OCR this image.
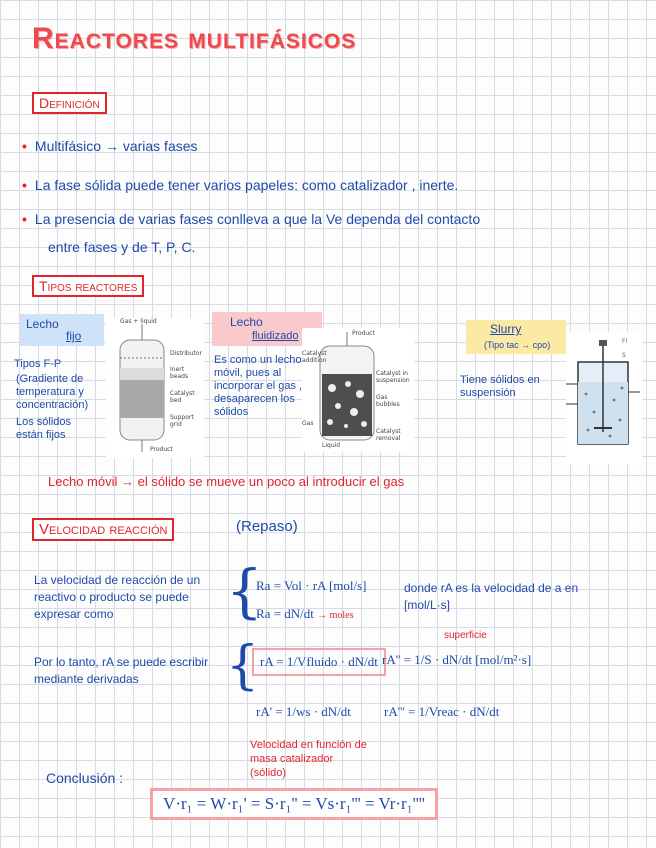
Reactores multifásicos
Definición
• Multifásico → varias fases
• La fase sólida puede tener varios papeles: como catalizador , inerte.
• La presencia de varias fases conlleva a que la Ve dependa del contacto
entre fases y de T, P, C.
Tipos reactores
Lecho
fijo
Tipos F-P
(Gradiente de temperatura y concentración)
Los sólidos están fijos
Gas + liquid
Distributor
Inert beads
Catalyst bed
Support grid
Product
Lecho
fluidizado
Es como un lecho móvil, pues al incorporar el gas , desaparecen los sólidos
Product
Catalyst addition
Catalyst in suspension
Gas bubbles
Gas
Liquid
Catalyst removal
Slurry
(Tipo tac → cpo)
Tiene sólidos en suspensión
Fl
S
Lecho móvil → el sólido se mueve un poco al introducir el gas
Velocidad reacción	(Repaso)
La velocidad de reacción de un reactivo o producto se puede expresar como	{
Ra = Vol · rA [mol/s]
Ra = dN/dt → moles
donde rA es la velocidad de a en [mol/L·s]
Por lo tanto, rA se puede escribir mediante derivadas	{ rA = 1/Vfluido · dN/dt rA'' = 1/S · dN/dt [mol/m²·s]
superficie
rA' = 1/ws · dN/dt	rA''' = 1/Vreac · dN/dt
Velocidad en función de masa catalizador (sólido)
Conclusión :
V·r₁ = W·r₁' = S·r₁'' = Vs·r₁''' = Vr·r₁''''
